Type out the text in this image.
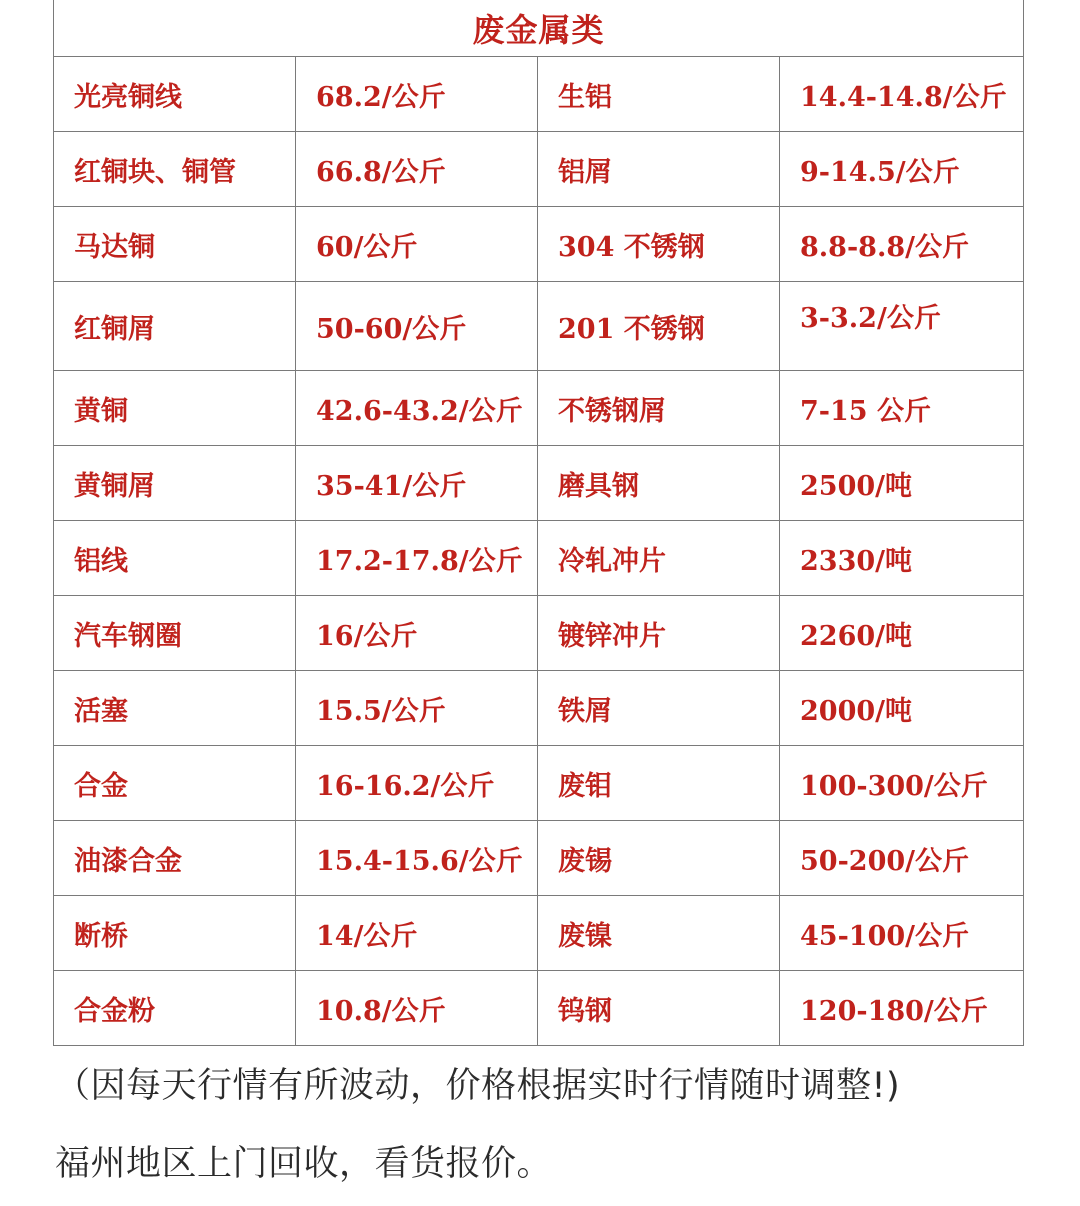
废金属类			
光亮铜线	68.2/公斤	生铝	14.4-14.8/公斤
红铜块、铜管	66.8/公斤	铝屑	9-14.5/公斤
马达铜	60/公斤	304 不锈钢	8.8-8.8/公斤
红铜屑	50-60/公斤	201 不锈钢	3-3.2/公斤
黄铜	42.6-43.2/公斤	不锈钢屑	7-15 公斤
黄铜屑	35-41/公斤	磨具钢	2500/吨
铝线	17.2-17.8/公斤	冷轧冲片	2330/吨
汽车钢圈	16/公斤	镀锌冲片	2260/吨
活塞	15.5/公斤	铁屑	2000/吨
合金	16-16.2/公斤	废钼	100-300/公斤
油漆合金	15.4-15.6/公斤	废锡	50-200/公斤
断桥	14/公斤	废镍	45-100/公斤
合金粉	10.8/公斤	钨钢	120-180/公斤
（因每天行情有所波动，价格根据实时行情随时调整!)
福州地区上门回收，看货报价。
